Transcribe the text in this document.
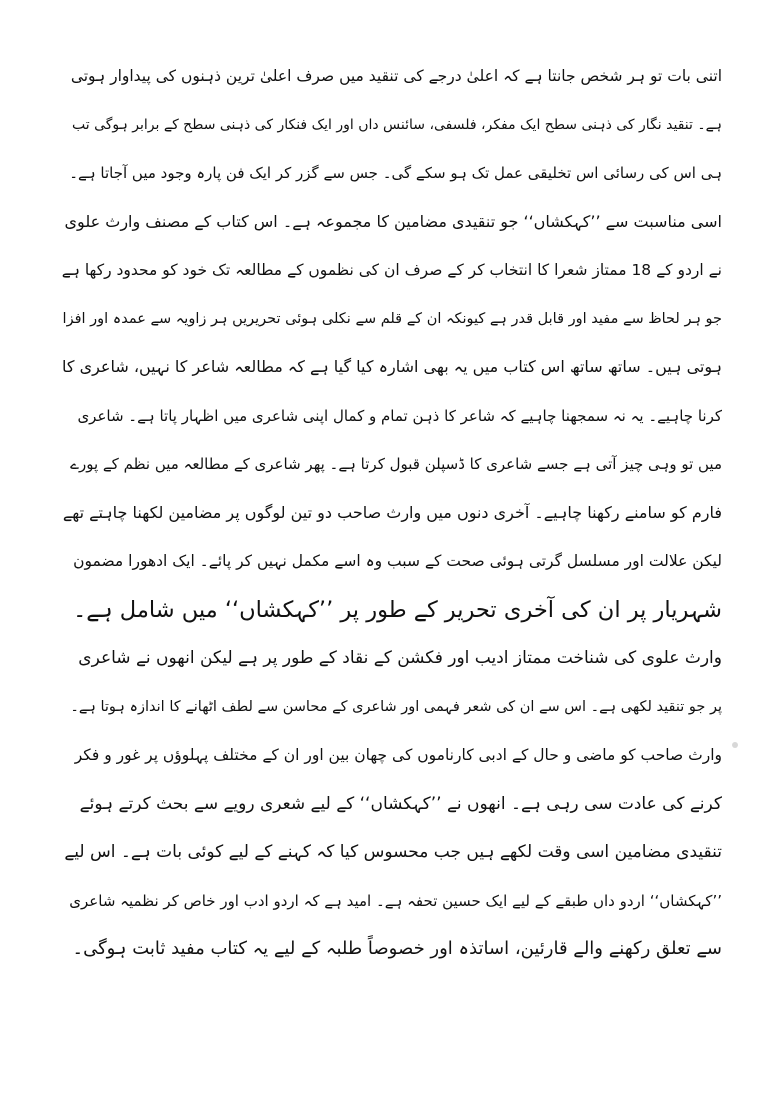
اتنی بات تو ہر شخص جانتا ہے کہ اعلیٰ درجے کی تنقید میں صرف اعلیٰ ترین ذہنوں کی پیداوار ہوتی
ہے۔ تنقید نگار کی ذہنی سطح ایک مفکر، فلسفی، سائنس داں اور ایک فنکار کی ذہنی سطح کے برابر ہوگی تب
ہی اس کی رسائی اس تخلیقی عمل تک ہو سکے گی۔ جس سے گزر کر ایک فن پارہ وجود میں آجاتا ہے۔
اسی مناسبت سے ’’کہکشاں‘‘ جو تنقیدی مضامین کا مجموعہ ہے۔ اس کتاب کے مصنف وارث علوی
نے اردو کے 18 ممتاز شعرا کا انتخاب کر کے صرف ان کی نظموں کے مطالعہ تک خود کو محدود رکھا ہے
جو ہر لحاظ سے مفید اور قابل قدر ہے کیونکہ ان کے قلم سے نکلی ہوئی تحریریں ہر زاویہ سے عمدہ اور افزا
ہوتی ہیں۔ ساتھ ساتھ اس کتاب میں یہ بھی اشارہ کیا گیا ہے کہ مطالعہ شاعر کا نہیں، شاعری کا
کرنا چاہیے۔ یہ نہ سمجھنا چاہیے کہ شاعر کا ذہن تمام و کمال اپنی شاعری میں اظہار پاتا ہے۔ شاعری
میں تو وہی چیز آتی ہے جسے شاعری کا ڈسپلن قبول کرتا ہے۔ پھر شاعری کے مطالعہ میں نظم کے پورے
فارم کو سامنے رکھنا چاہیے۔ آخری دنوں میں وارث صاحب دو تین لوگوں پر مضامین لکھنا چاہتے تھے
لیکن علالت اور مسلسل گرتی ہوئی صحت کے سبب وہ اسے مکمل نہیں کر پائے۔ ایک ادھورا مضمون
شہریار پر ان کی آخری تحریر کے طور پر ’’کہکشاں‘‘ میں شامل ہے۔
وارث علوی کی شناخت ممتاز ادیب اور فکشن کے نقاد کے طور پر ہے لیکن انھوں نے شاعری
پر جو تنقید لکھی ہے۔ اس سے ان کی شعر فہمی اور شاعری کے محاسن سے لطف اٹھانے کا اندازہ ہوتا ہے۔
وارث صاحب کو ماضی و حال کے ادبی کارناموں کی چھان بین اور ان کے مختلف پہلوؤں پر غور و فکر
کرنے کی عادت سی رہی ہے۔ انھوں نے ’’کہکشاں‘‘ کے لیے شعری رویے سے بحث کرتے ہوئے
تنقیدی مضامین اسی وقت لکھے ہیں جب محسوس کیا کہ کہنے کے لیے کوئی بات ہے۔ اس لیے
’’کہکشاں‘‘ اردو داں طبقے کے لیے ایک حسین تحفہ ہے۔ امید ہے کہ اردو ادب اور خاص کر نظمیہ شاعری
سے تعلق رکھنے والے قارئین، اساتذہ اور خصوصاً طلبہ کے لیے یہ کتاب مفید ثابت ہوگی۔
